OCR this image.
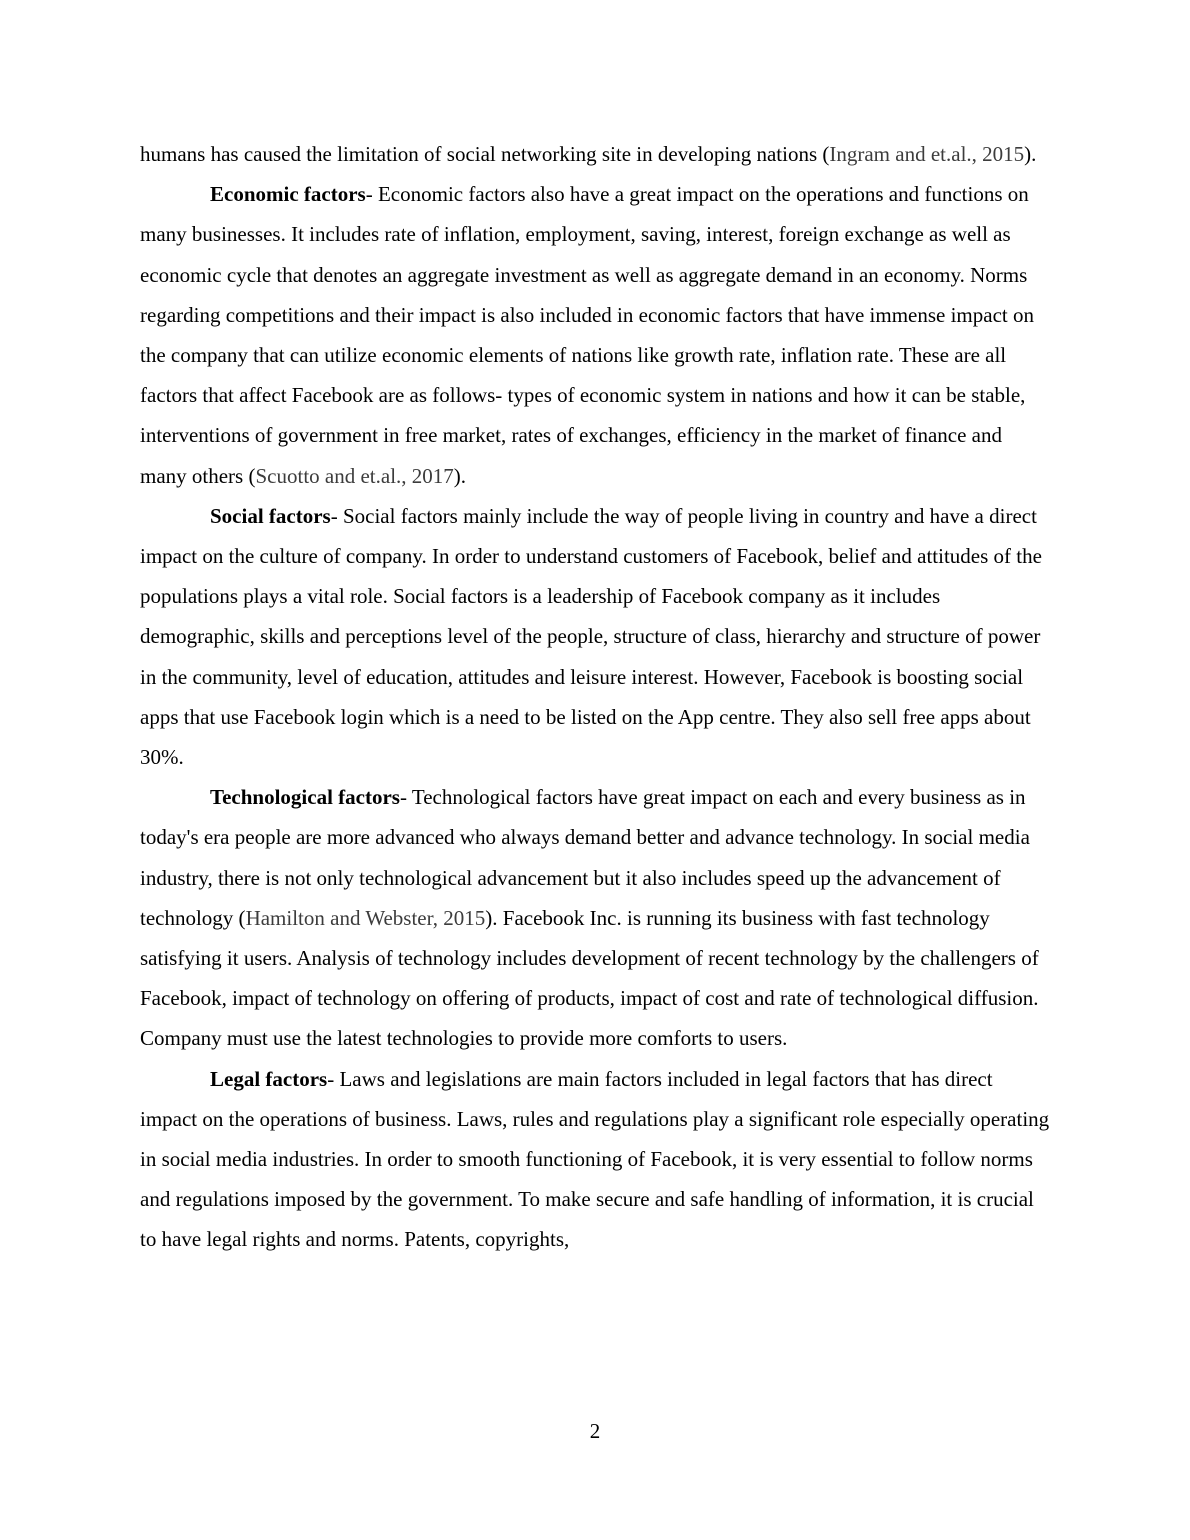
humans has caused the limitation of social networking site in developing nations (Ingram and et.al., 2015).

Economic factors- Economic factors also have a great impact on the operations and functions on many businesses. It includes rate of inflation, employment, saving, interest, foreign exchange as well as economic cycle that denotes an aggregate investment as well as aggregate demand in an economy. Norms regarding competitions and their impact is also included in economic factors that have immense impact on the company that can utilize economic elements of nations like growth rate, inflation rate. These are all factors that affect Facebook are as follows- types of economic system in nations and how it can be stable, interventions of government in free market, rates of exchanges, efficiency in the market of finance and many others (Scuotto and et.al., 2017).

Social factors- Social factors mainly include the way of people living in country and have a direct impact on the culture of company. In order to understand customers of Facebook, belief and attitudes of the populations plays a vital role. Social factors is a leadership of Facebook company as it includes demographic, skills and perceptions level of the people, structure of class, hierarchy and structure of power in the community, level of education, attitudes and leisure interest. However, Facebook is boosting social apps that use Facebook login which is a need to be listed on the App centre. They also sell free apps about 30%.

Technological factors- Technological factors have great impact on each and every business as in today's era people are more advanced who always demand better and advance technology. In social media industry, there is not only technological advancement but it also includes speed up the advancement of technology (Hamilton and Webster, 2015). Facebook Inc. is running its business with fast technology satisfying it users. Analysis of technology includes development of recent technology by the challengers of Facebook, impact of technology on offering of products, impact of cost and rate of technological diffusion. Company must use the latest technologies to provide more comforts to users.

Legal factors- Laws and legislations are main factors included in legal factors that has direct impact on the operations of business. Laws, rules and regulations play a significant role especially operating in social media industries. In order to smooth functioning of Facebook, it is very essential to follow norms and regulations imposed by the government. To make secure and safe handling of information, it is crucial to have legal rights and norms. Patents, copyrights,

2
